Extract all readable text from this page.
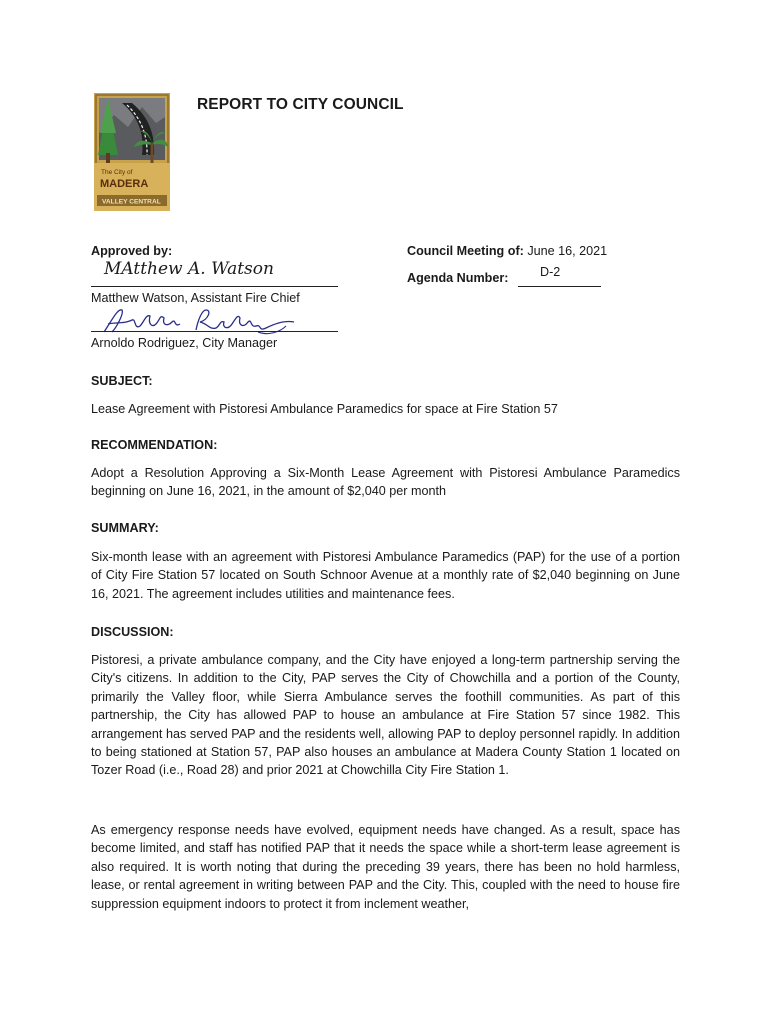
The City of
MADERA
VALLEY CENTRAL
REPORT TO CITY COUNCIL
Approved by:
MAtthew A. Watson
Matthew Watson, Assistant Fire Chief
Arnoldo Rodriguez, City Manager
Council Meeting of: June 16, 2021
Agenda Number:	D-2
SUBJECT:

Lease Agreement with Pistoresi Ambulance Paramedics for space at Fire Station 57

RECOMMENDATION:

Adopt a Resolution Approving a Six-Month Lease Agreement with Pistoresi Ambulance Paramedics beginning on June 16, 2021, in the amount of $2,040 per month

SUMMARY:

Six-month lease with an agreement with Pistoresi Ambulance Paramedics (PAP) for the use of a portion of City Fire Station 57 located on South Schnoor Avenue at a monthly rate of $2,040 beginning on June 16, 2021. The agreement includes utilities and maintenance fees.

DISCUSSION:

Pistoresi, a private ambulance company, and the City have enjoyed a long-term partnership serving the City's citizens. In addition to the City, PAP serves the City of Chowchilla and a portion of the County, primarily the Valley floor, while Sierra Ambulance serves the foothill communities. As part of this partnership, the City has allowed PAP to house an ambulance at Fire Station 57 since 1982. This arrangement has served PAP and the residents well, allowing PAP to deploy personnel rapidly. In addition to being stationed at Station 57, PAP also houses an ambulance at Madera County Station 1 located on Tozer Road (i.e., Road 28) and prior 2021 at Chowchilla City Fire Station 1.

As emergency response needs have evolved, equipment needs have changed. As a result, space has become limited, and staff has notified PAP that it needs the space while a short-term lease agreement is also required. It is worth noting that during the preceding 39 years, there has been no hold harmless, lease, or rental agreement in writing between PAP and the City. This, coupled with the need to house fire suppression equipment indoors to protect it from inclement weather,
